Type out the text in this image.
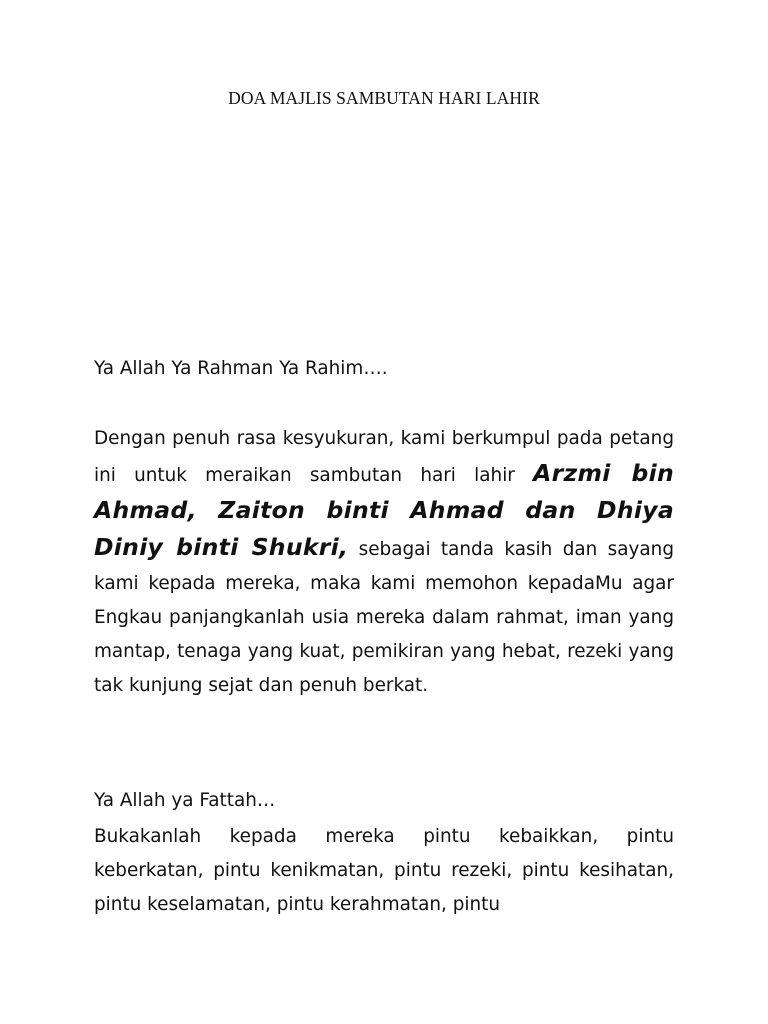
DOA MAJLIS SAMBUTAN HARI LAHIR

Ya Allah Ya Rahman Ya Rahim….

Dengan penuh rasa kesyukuran, kami berkumpul pada petang ini untuk meraikan sambutan hari lahir Arzmi bin Ahmad, Zaiton binti Ahmad dan Dhiya Diniy binti Shukri, sebagai tanda kasih dan sayang kami kepada mereka, maka kami memohon kepadaMu agar Engkau panjangkanlah usia mereka dalam rahmat, iman yang mantap, tenaga yang kuat, pemikiran yang hebat, rezeki yang tak kunjung sejat dan penuh berkat.

Ya Allah ya Fattah…

Bukakanlah kepada mereka pintu kebaikkan, pintu keberkatan, pintu kenikmatan, pintu rezeki, pintu kesihatan, pintu keselamatan, pintu kerahmatan, pintu
